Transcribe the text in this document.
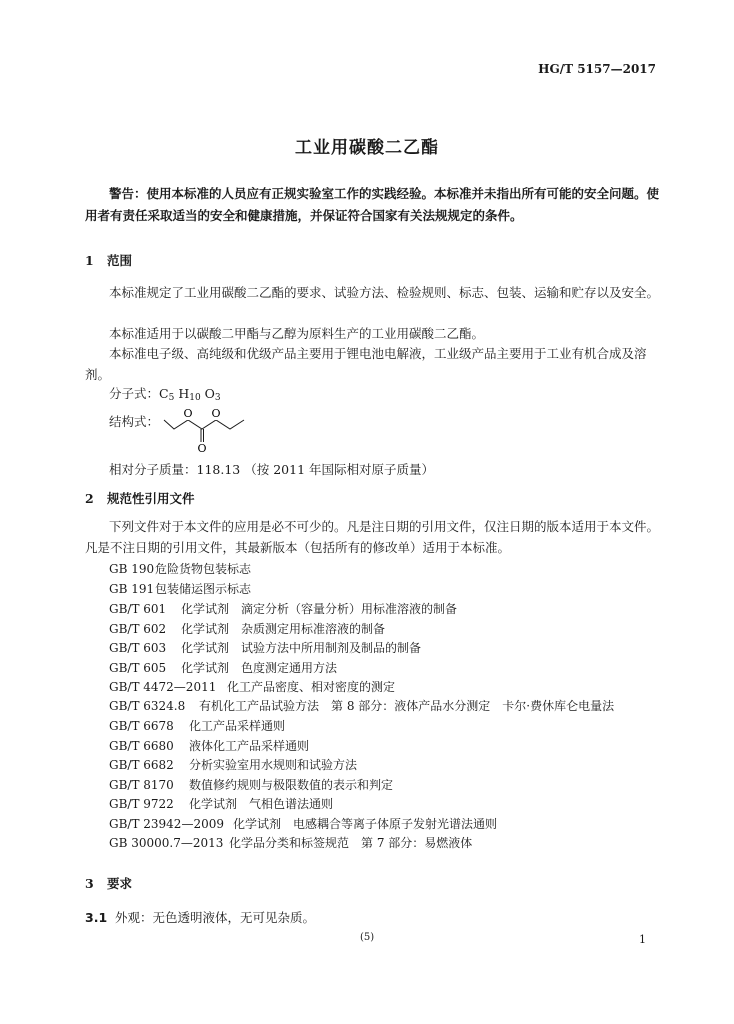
HG/T 5157—2017
工业用碳酸二乙酯
警告：使用本标准的人员应有正规实验室工作的实践经验。本标准并未指出所有可能的安全问题。使用者有责任采取适当的安全和健康措施，并保证符合国家有关法规规定的条件。
1 范围
本标准规定了工业用碳酸二乙酯的要求、试验方法、检验规则、标志、包装、运输和贮存以及安全。
本标准适用于以碳酸二甲酯与乙醇为原料生产的工业用碳酸二乙酯。
本标准电子级、高纯级和优级产品主要用于锂电池电解液，工业级产品主要用于工业有机合成及溶剂。
分子式：$C_5$ $H_{10}$ $O_3$
结构式：
O O
O
相对分子质量：118.13 （按 2011 年国际相对原子质量）
2 规范性引用文件
下列文件对于本文件的应用是必不可少的。凡是注日期的引用文件，仅注日期的版本适用于本文件。凡是不注日期的引用文件，其最新版本（包括所有的修改单）适用于本标准。
GB 190危险货物包装标志
GB 191包装储运图示标志
GB/T 601 化学试剂　滴定分析（容量分析）用标准溶液的制备
GB/T 602 化学试剂　杂质测定用标准溶液的制备
GB/T 603 化学试剂　试验方法中所用制剂及制品的制备
GB/T 605 化学试剂　色度测定通用方法
GB/T 4472—2011 化工产品密度、相对密度的测定
GB/T 6324.8 有机化工产品试验方法　第 8 部分：液体产品水分测定　卡尔·费休库仑电量法
GB/T 6678 化工产品采样通则
GB/T 6680 液体化工产品采样通则
GB/T 6682 分析实验室用水规则和试验方法
GB/T 8170 数值修约规则与极限数值的表示和判定
GB/T 9722 化学试剂　气相色谱法通则
GB/T 23942—2009 化学试剂　电感耦合等离子体原子发射光谱法通则
GB 30000.7—2013 化学品分类和标签规范　第 7 部分：易燃液体
3 要求
3.1 外观：无色透明液体，无可见杂质。
(5)	1
